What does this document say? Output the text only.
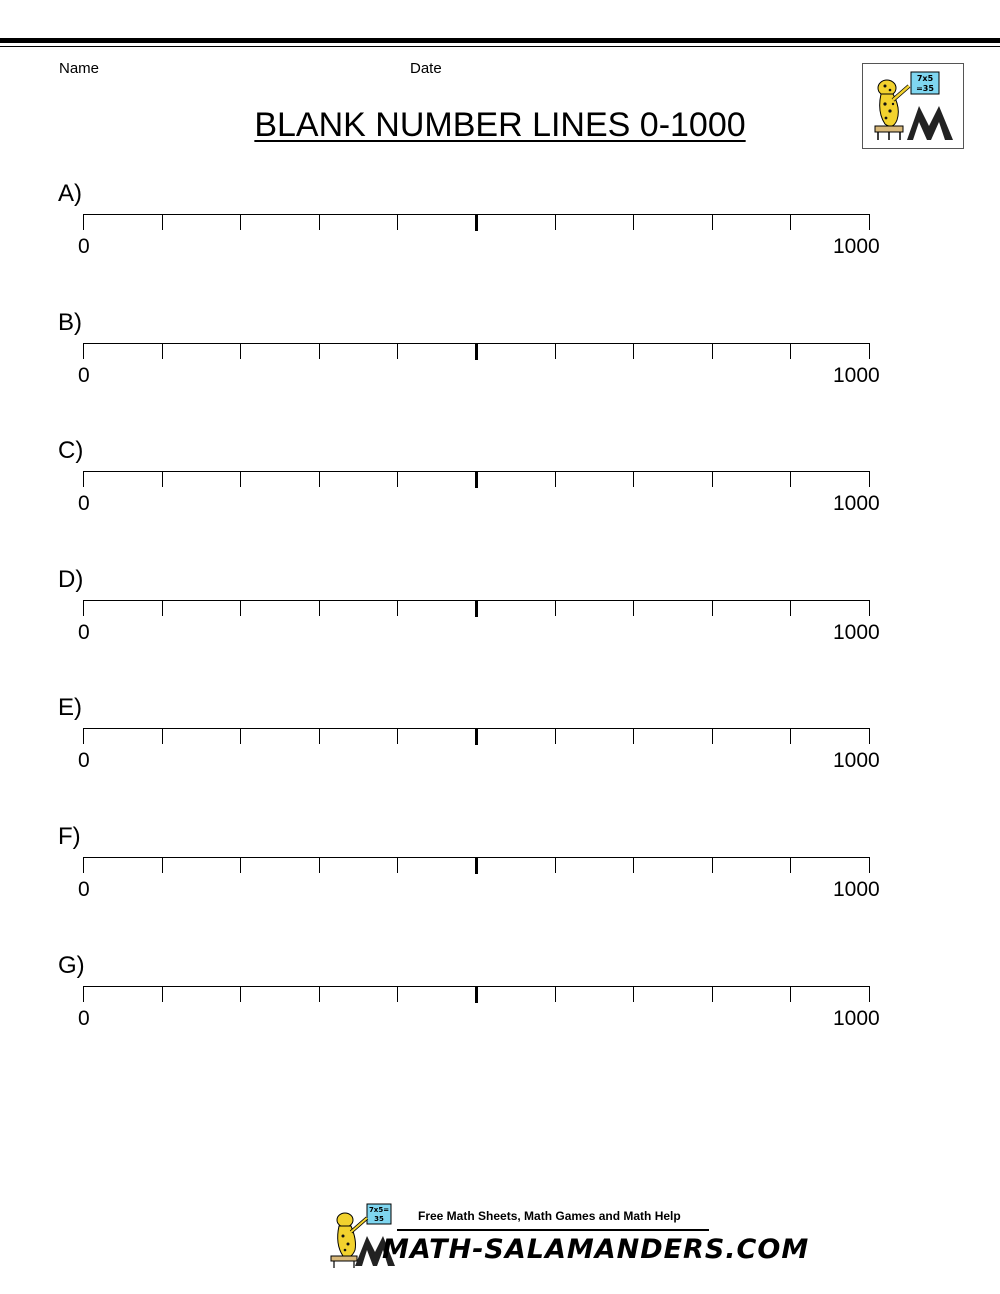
Name	Date
BLANK NUMBER LINES 0-1000
7x5
=35
A)
0	1000
B)
0	1000
C)
0	1000
D)
0	1000
E)
0	1000
F)
0	1000
G)
0	1000
7x5=
35	Free Math Sheets, Math Games and Math Help
MATH-SALAMANDERS.COM
